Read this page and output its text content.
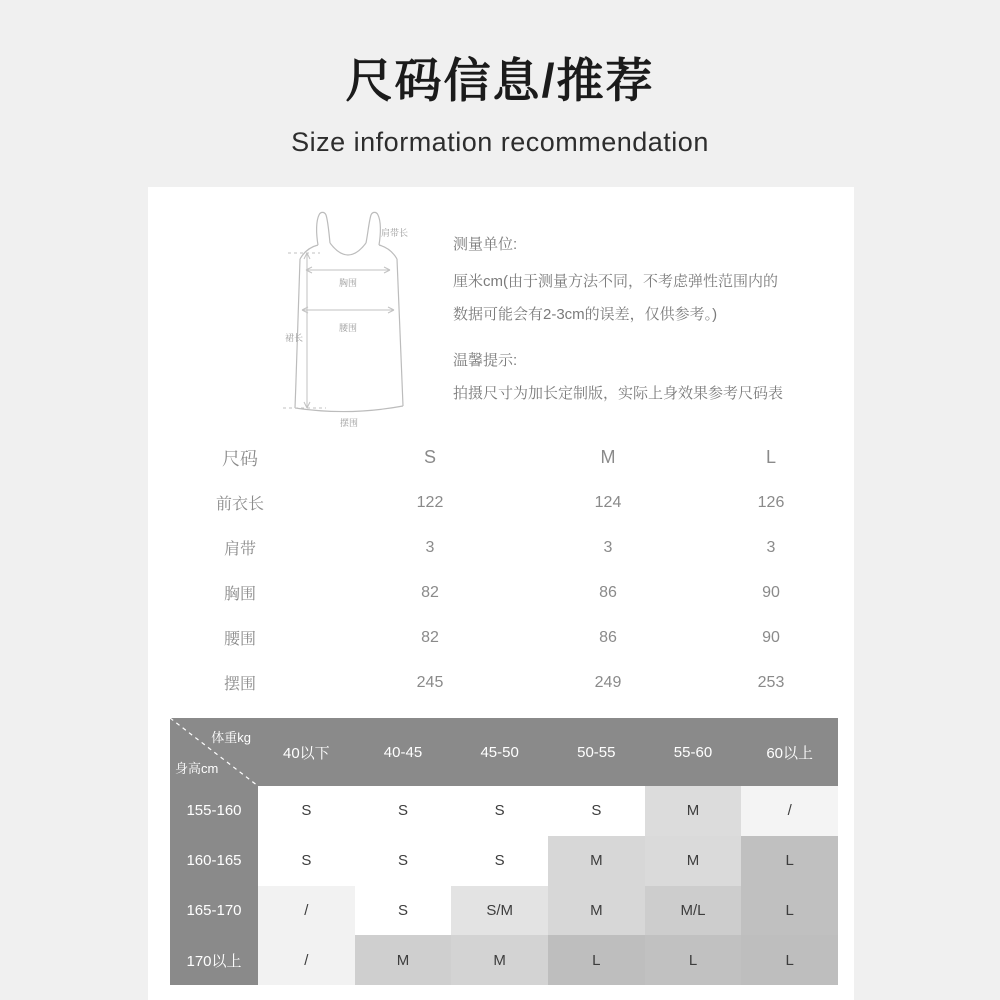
尺码信息/推荐
Size information recommendation
肩带长
胸围
腰围
裙长
摆围
测量单位:

厘米cm(由于测量方法不同，不考虑弹性范围内的

数据可能会有2-3cm的误差，仅供参考。)

温馨提示:

拍摄尺寸为加长定制版，实际上身效果参考尺码表

尺码	S	M	L
前衣长	122	124	126
肩带	3	3	3
胸围	82	86	90
腰围	82	86	90
摆围	245	249	253
体重kg
身高cm
40以下	40-45	45-50	50-55	55-60	60以上
155-160	S	S	S	S	M	/
160-165	S	S	S	M	M	L
165-170	/	S	S/M	M	M/L	L
170以上	/	M	M	L	L	L
